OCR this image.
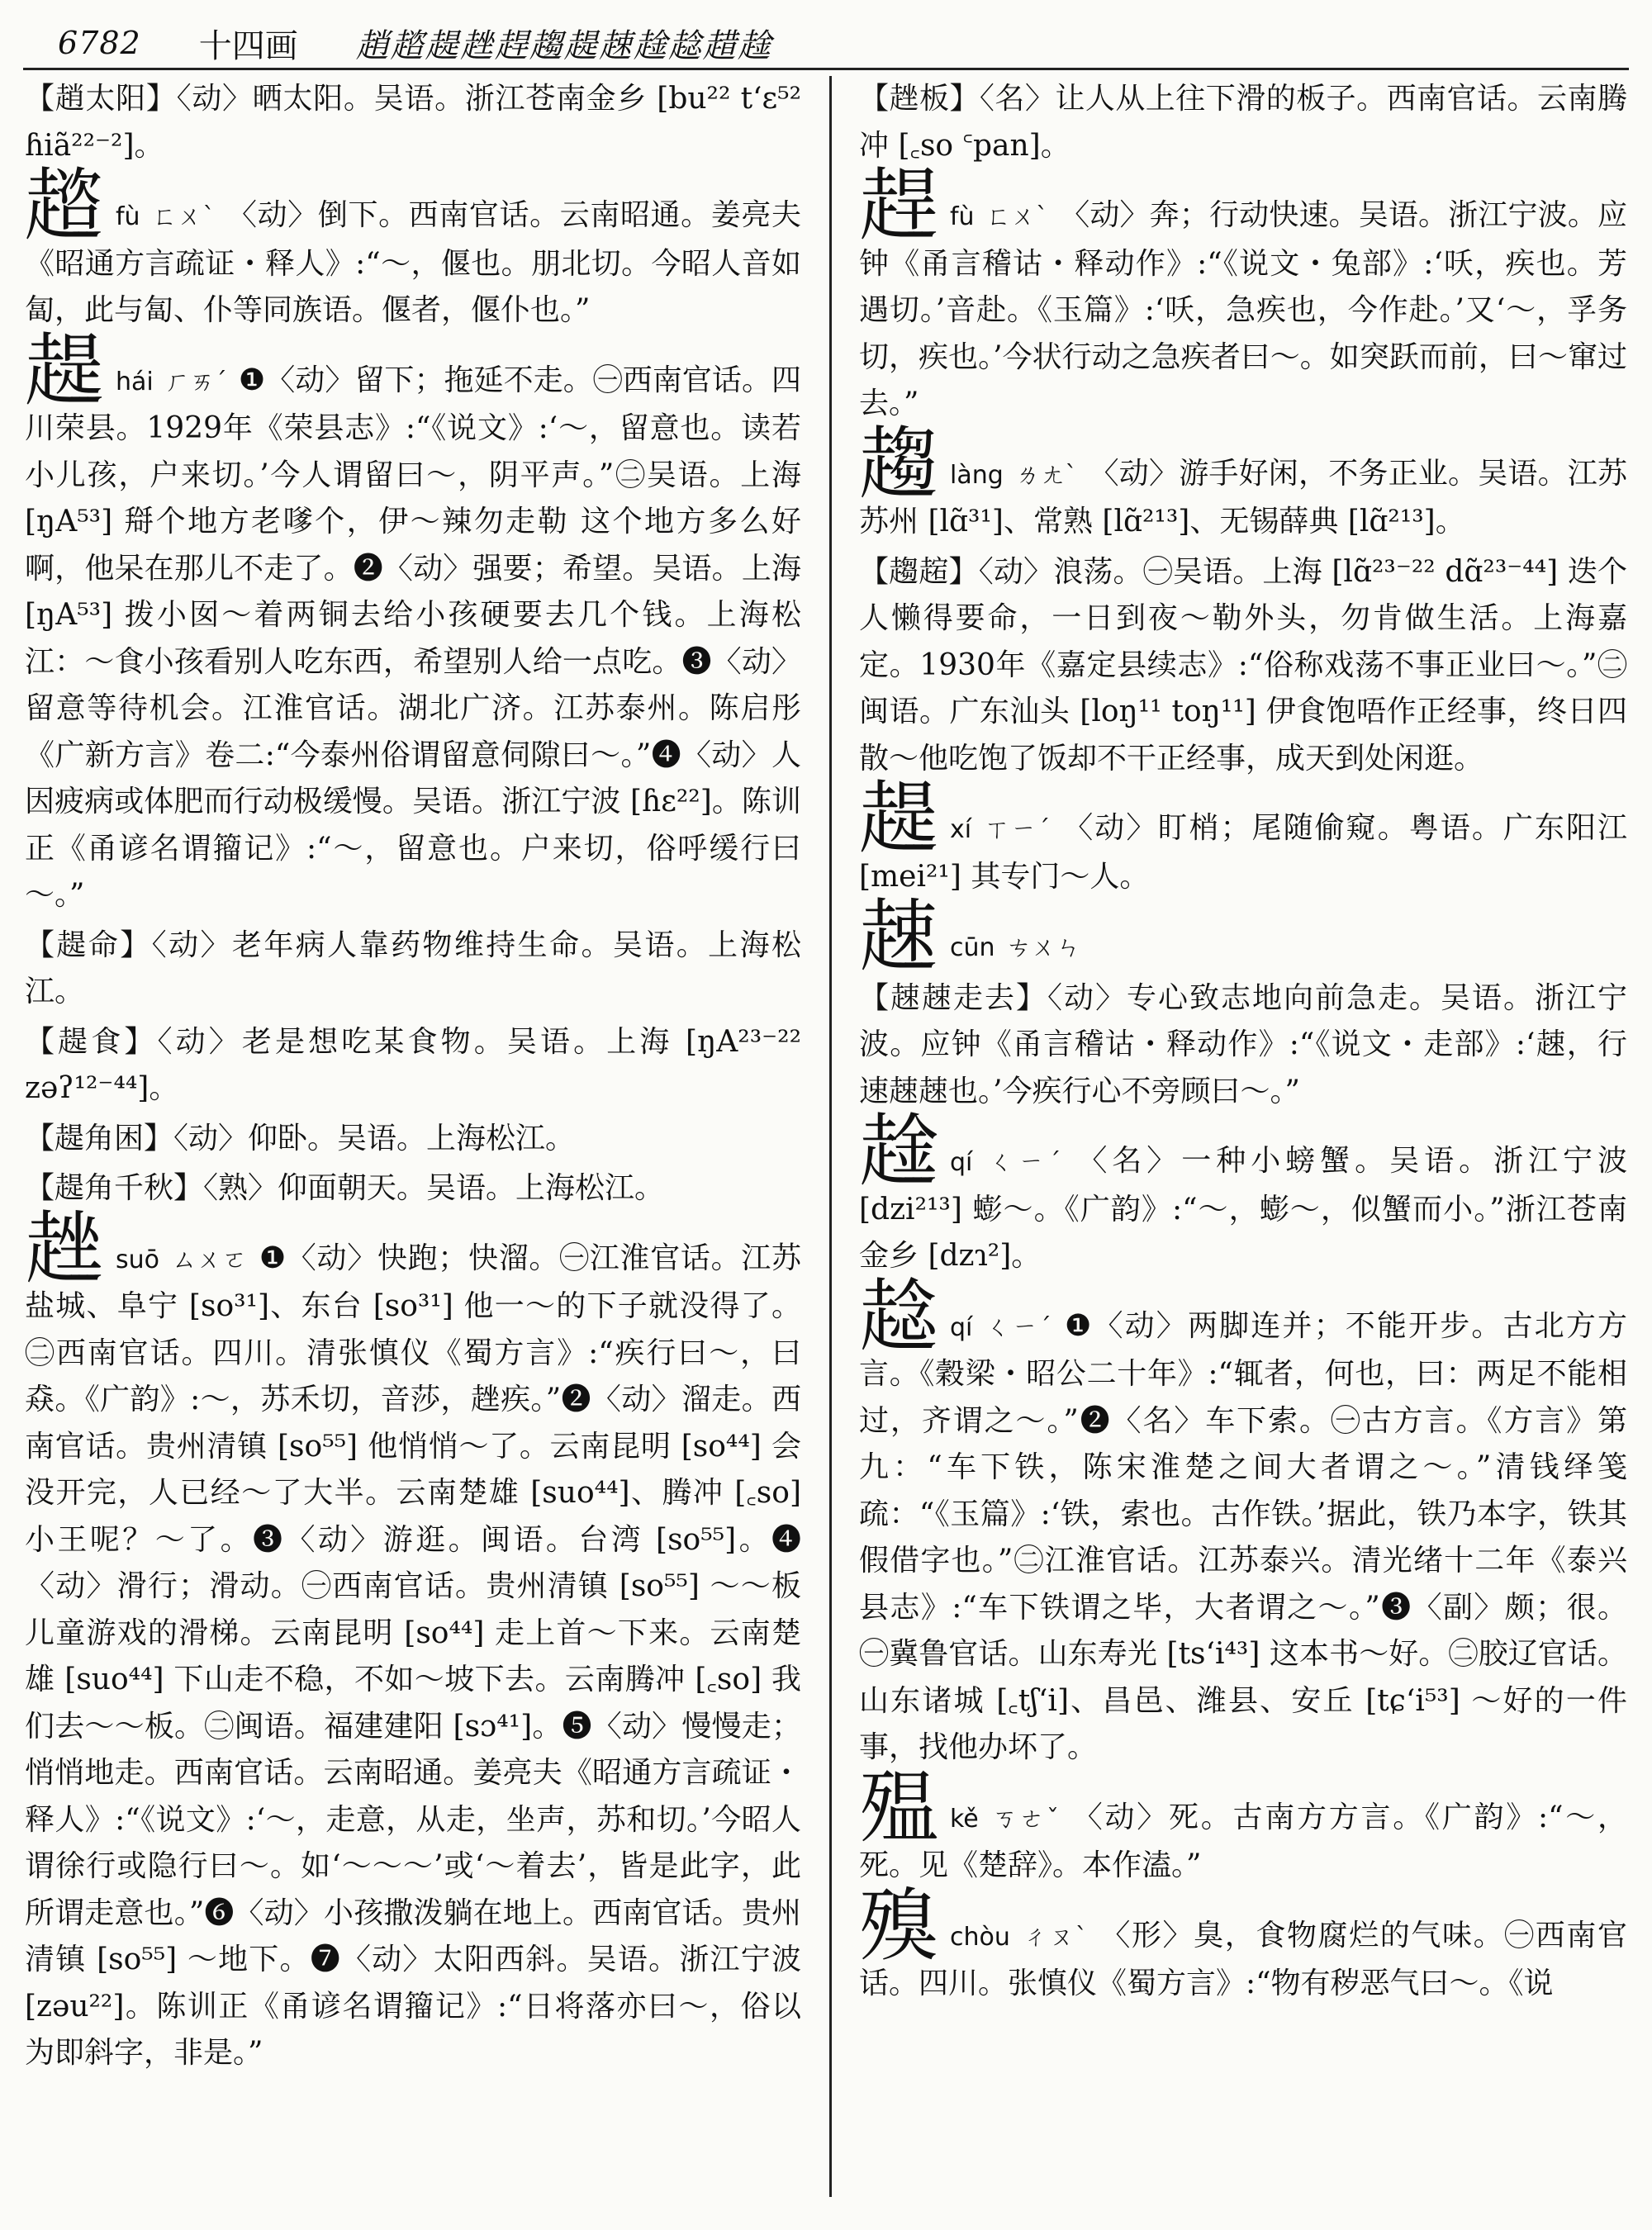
6782 十四画 趙趦趧趖趕趨趧趚趛趝趞趛
【趙太阳】〈动〉晒太阳。吴语。浙江苍南金乡 [bu²² tʻɛ⁵² ɦiã²²⁻²]。
趦fù ㄈㄨˋ 〈动〉倒下。西南官话。云南昭通。姜亮夫《昭通方言疏证・释人》:“～，偃也。朋北切。今昭人音如匐，此与匐、仆等同族语。偃者，偃仆也。”
趧hái ㄏㄞˊ ❶〈动〉留下；拖延不走。㊀西南官话。四川荣县。1929年《荣县志》:“《说文》:‘～，留意也。读若小儿孩，户来切。’今人谓留曰～，阴平声。”㊁吴语。上海 [ŋA⁵³] 搿个地方老嗲个，伊～辣勿走勒 这个地方多么好啊，他呆在那儿不走了。❷〈动〉强要；希望。吴语。上海 [ŋA⁵³] 拨小囡～着两铜去给小孩硬要去几个钱。上海松江：～食小孩看别人吃东西，希望别人给一点吃。❸〈动〉留意等待机会。江淮官话。湖北广济。江苏泰州。陈启彤《广新方言》卷二:“今泰州俗谓留意伺隙曰～。”❹〈动〉人因疲病或体肥而行动极缓慢。吴语。浙江宁波 [ɦɛ²²]。陈训正《甬谚名谓籀记》:“～，留意也。户来切，俗呼缓行曰～。”
【趧命】〈动〉老年病人靠药物维持生命。吴语。上海松江。
【趧食】〈动〉老是想吃某食物。吴语。上海 [ŋA²³⁻²² zəʔ¹²⁻⁴⁴]。
【趧角困】〈动〉仰卧。吴语。上海松江。
【趧角千秋】〈熟〉仰面朝天。吴语。上海松江。
趖suō ㄙㄨㄛ ❶〈动〉快跑；快溜。㊀江淮官话。江苏盐城、阜宁 [so³¹]、东台 [so³¹] 他一～的下子就没得了。㊁西南官话。四川。清张慎仪《蜀方言》:“疾行曰～，曰猋。《广韵》:～，苏禾切，音莎，趖疾。”❷〈动〉溜走。西南官话。贵州清镇 [so⁵⁵] 他悄悄～了。云南昆明 [so⁴⁴] 会没开完，人已经～了大半。云南楚雄 [suo⁴⁴]、腾冲 [꜀so] 小王呢？～了。❸〈动〉游逛。闽语。台湾 [so⁵⁵]。❹〈动〉滑行；滑动。㊀西南官话。贵州清镇 [so⁵⁵] ～～板儿童游戏的滑梯。云南昆明 [so⁴⁴] 走上首～下来。云南楚雄 [suo⁴⁴] 下山走不稳，不如～坡下去。云南腾冲 [꜀so] 我们去～～板。㊁闽语。福建建阳 [sɔ⁴¹]。❺〈动〉慢慢走；悄悄地走。西南官话。云南昭通。姜亮夫《昭通方言疏证・释人》:“《说文》:‘～，走意，从走，坐声，苏和切。’今昭人谓徐行或隐行曰～。如‘～～～’或‘～着去’，皆是此字，此所谓走意也。”❻〈动〉小孩撒泼躺在地上。西南官话。贵州清镇 [so⁵⁵] ～地下。❼〈动〉太阳西斜。吴语。浙江宁波 [zəu²²]。陈训正《甬谚名谓籀记》:“日将落亦曰～，俗以为即斜字，非是。”
【趖板】〈名〉让人从上往下滑的板子。西南官话。云南腾冲 [꜀so ꜂pan]。
趕fù ㄈㄨˋ 〈动〉奔；行动快速。吴语。浙江宁波。应钟《甬言稽诂・释动作》:“《说文・兔部》:‘㕭，疾也。芳遇切。’音赴。《玉篇》:‘㕭，急疾也，今作赴。’又‘～，孚务切，疾也。’今状行动之急疾者曰～。如突跃而前，曰～窜过去。”
趨làng ㄌㄤˋ 〈动〉游手好闲，不务正业。吴语。江苏苏州 [lɑ̃³¹]、常熟 [lɑ̃²¹³]、无锡薛典 [lɑ̃²¹³]。
【趨趤】〈动〉浪荡。㊀吴语。上海 [lɑ̃²³⁻²² dɑ̃²³⁻⁴⁴] 迭个人懒得要命，一日到夜～勒外头，勿肯做生活。上海嘉定。1930年《嘉定县续志》:“俗称戏荡不事正业曰～。”㊁闽语。广东汕头 [loŋ¹¹ toŋ¹¹] 伊食饱唔作正经事，终日四散～他吃饱了饭却不干正经事，成天到处闲逛。
趧xí ㄒㄧˊ 〈动〉盯梢；尾随偷窥。粤语。广东阳江 [mei²¹] 其专门～人。
趚cūn ㄘㄨㄣ
【趚趚走去】〈动〉专心致志地向前急走。吴语。浙江宁波。应钟《甬言稽诂・释动作》:“《说文・走部》:‘趚，行速趚趚也。’今疾行心不旁顾曰～。”
趛qí ㄑㄧˊ 〈名〉一种小螃蟹。吴语。浙江宁波 [dzi²¹³] 蟛～。《广韵》:“～，蟛～，似蟹而小。”浙江苍南金乡 [dzɿ²]。
趝qí ㄑㄧˊ ❶〈动〉两脚连并；不能开步。古北方方言。《穀梁・昭公二十年》:“辄者，何也，曰：两足不能相过，齐谓之～。”❷〈名〉车下索。㊀古方言。《方言》第九：“车下铁，陈宋淮楚之间大者谓之～。”清钱绎笺疏：“《玉篇》:‘铁，索也。古作铁。’据此，铁乃本字，铁其假借字也。”㊁江淮官话。江苏泰兴。清光绪十二年《泰兴县志》:“车下铁谓之毕，大者谓之～。”❸〈副〉颇；很。㊀冀鲁官话。山东寿光 [tsʻi⁴³] 这本书～好。㊁胶辽官话。山东诸城 [꜀tʃʻi]、昌邑、潍县、安丘 [tɕʻi⁵³] ～好的一件事，找他办坏了。
殟kě ㄎㄜˇ 〈动〉死。古南方方言。《广韵》:“～，死。见《楚辞》。本作溘。”
殠chòu ㄔㄡˋ 〈形〉臭，食物腐烂的气味。㊀西南官话。四川。张慎仪《蜀方言》:“物有秽恶气曰～。《说
